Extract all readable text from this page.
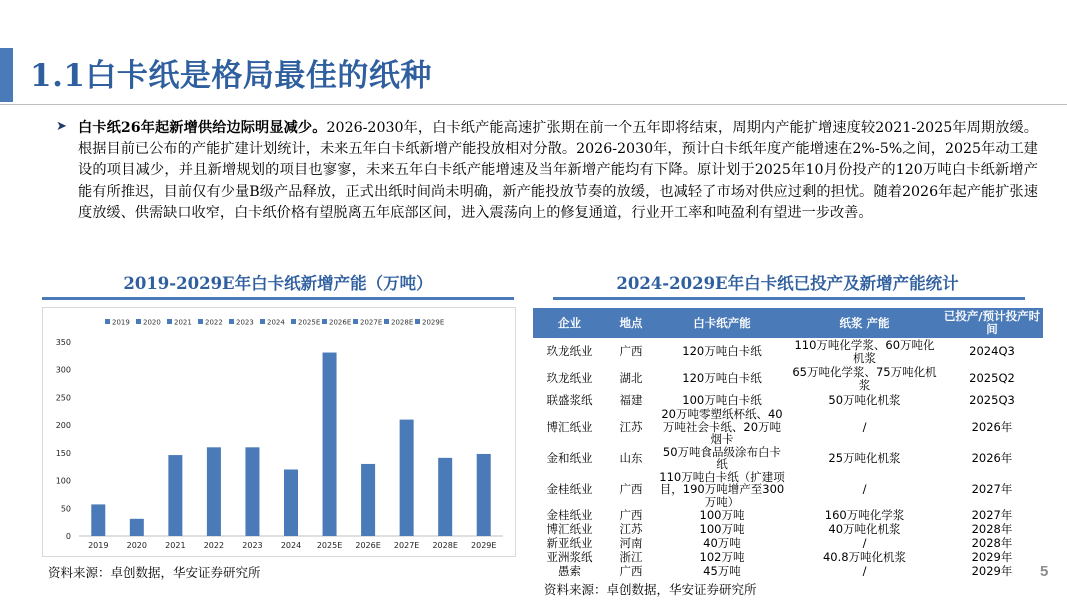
1.1白卡纸是格局最佳的纸种
➤ 白卡纸26年起新增供给边际明显减少。2026-2030年，白卡纸产能高速扩张期在前一个五年即将结束，周期内产能扩增速度较2021-2025年周期放缓。根据目前已公布的产能扩建计划统计，未来五年白卡纸新增产能投放相对分散。2026-2030年，预计白卡纸年度产能增速在2%-5%之间，2025年动工建设的项目减少，并且新增规划的项目也寥寥，未来五年白卡纸产能增速及当年新增产能均有下降。原计划于2025年10月份投产的120万吨白卡纸新增产能有所推迟，目前仅有少量B级产品释放，正式出纸时间尚未明确，新产能投放节奏的放缓，也减轻了市场对供应过剩的担忧。随着2026年起产能扩张速度放缓、供需缺口收窄，白卡纸价格有望脱离五年底部区间，进入震荡向上的修复通道，行业开工率和吨盈利有望进一步改善。
2019-2029E年白卡纸新增产能（万吨）
2019 2020 2021 2022 2023 2024 2025E 2026E 2027E 2028E 2029E
0
50
100
150
200
250
300
350
2019 2020 2021 2022 2023 2024 2025E 2026E 2027E 2028E 2029E
资料来源：卓创数据，华安证券研究所
2024-2029E年白卡纸已投产及新增产能统计
企业	地点	白卡纸产能	纸浆 产能	已投产/预计投产时间
玖龙纸业	广西	120万吨白卡纸	110万吨化学浆、60万吨化机浆	2024Q3
玖龙纸业	湖北	120万吨白卡纸	65万吨化学浆、75万吨化机浆	2025Q2
联盛浆纸	福建	100万吨白卡纸	50万吨化机浆	2025Q3
博汇纸业	江苏	20万吨零塑纸杯纸、40万吨社会卡纸、20万吨烟卡	/	2026年
金和纸业	山东	50万吨食品级涂布白卡纸	25万吨化机浆	2026年
金桂纸业	广西	110万吨白卡纸（扩建项目，190万吨增产至300万吨）	/	2027年
金桂纸业	广西	100万吨	160万吨化学浆	2027年
博汇纸业	江苏	100万吨	40万吨化机浆	2028年
新亚纸业	河南	40万吨	/	2028年
亚洲浆纸	浙江	102万吨	40.8万吨化机浆	2029年
愚索	广西	45万吨	/	2029年
资料来源：卓创数据，华安证券研究所
5
